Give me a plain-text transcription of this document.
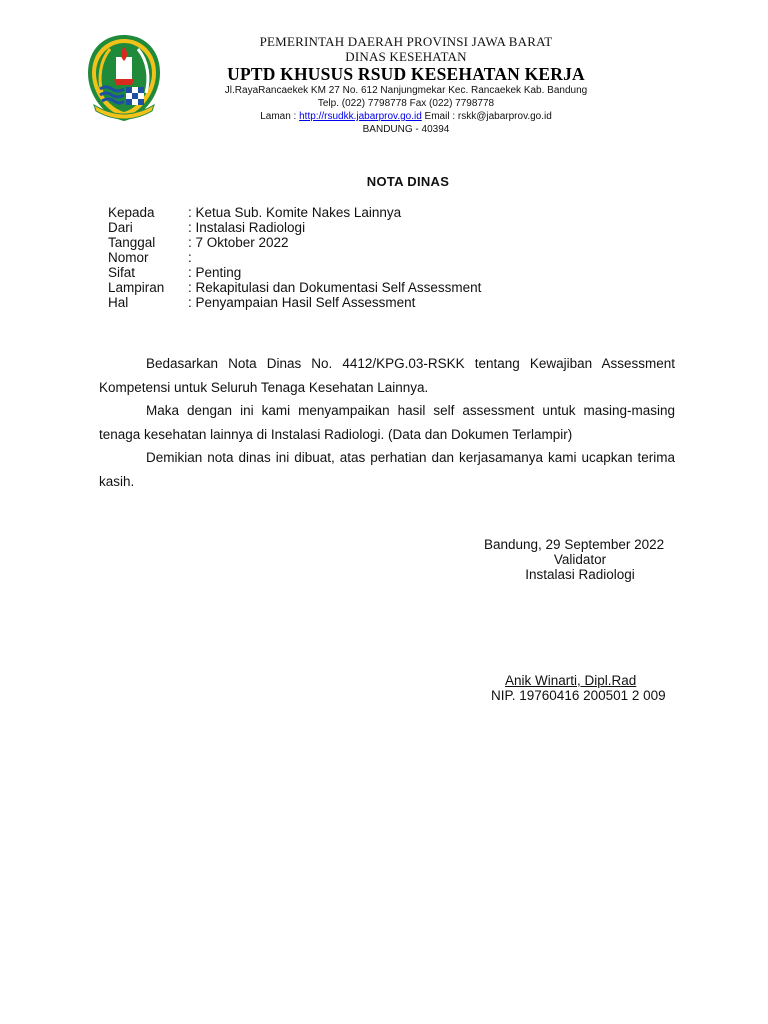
PEMERINTAH DAERAH PROVINSI JAWA BARAT
DINAS KESEHATAN
UPTD KHUSUS RSUD KESEHATAN KERJA
Jl.RayaRancaekek KM 27 No. 612 Nanjungmekar Kec. Rancaekek Kab. Bandung
Telp. (022) 7798778 Fax (022) 7798778
Laman : http://rsudkk.jabarprov.go.id Email : rskk@jabarprov.go.id
BANDUNG - 40394
NOTA DINAS
Kepada	: Ketua Sub. Komite Nakes Lainnya
Dari	: Instalasi Radiologi
Tanggal	: 7 Oktober 2022
Nomor	:
Sifat	: Penting
Lampiran	: Rekapitulasi dan Dokumentasi Self Assessment
Hal	: Penyampaian Hasil Self Assessment

Bedasarkan Nota Dinas No. 4412/KPG.03-RSKK tentang Kewajiban Assessment Kompetensi untuk Seluruh Tenaga Kesehatan Lainnya.

Maka dengan ini kami menyampaikan hasil self assessment untuk masing-masing tenaga kesehatan lainnya di Instalasi Radiologi. (Data dan Dokumen Terlampir)

Demikian nota dinas ini dibuat, atas perhatian dan kerjasamanya kami ucapkan terima kasih.

Bandung, 29 September 2022
Validator
Instalasi Radiologi
Anik Winarti, Dipl.Rad
NIP. 19760416 200501 2 009
